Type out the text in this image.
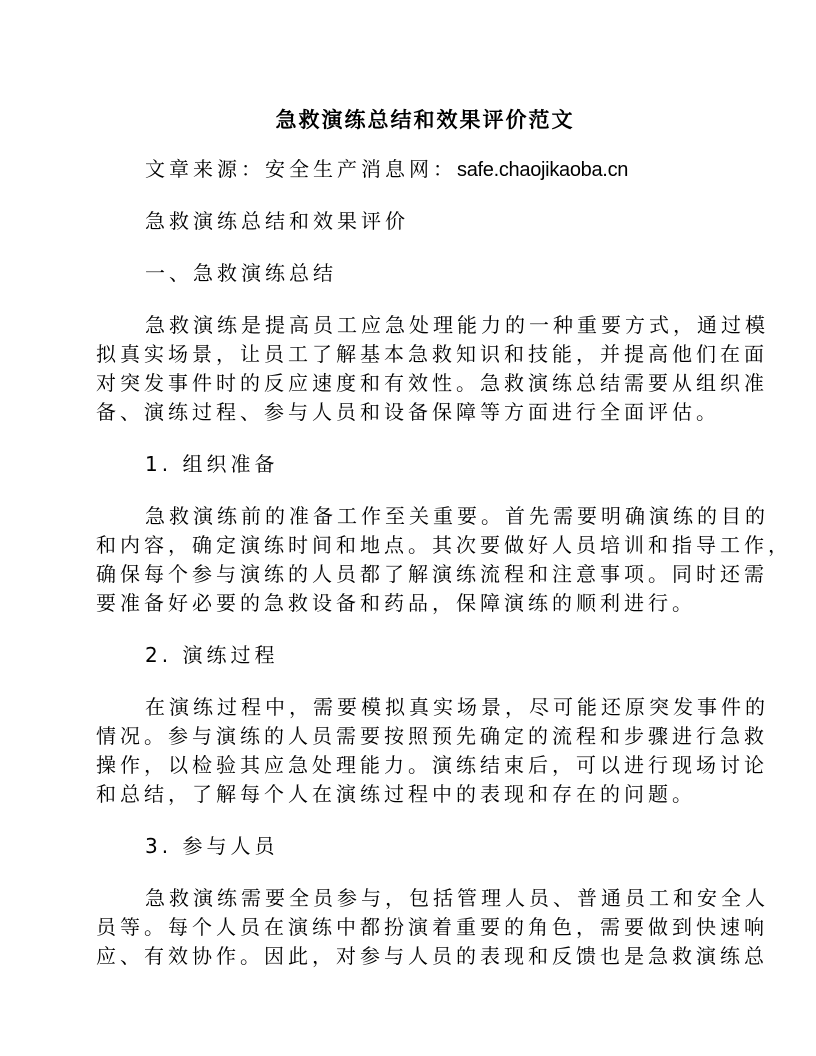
急救演练总结和效果评价范文
文章来源：安全生产消息网：safe.chaojikaoba.cn
急救演练总结和效果评价
一、急救演练总结
急救演练是提高员工应急处理能力的一种重要方式，通过模
拟真实场景，让员工了解基本急救知识和技能，并提高他们在面
对突发事件时的反应速度和有效性。急救演练总结需要从组织准
备、演练过程、参与人员和设备保障等方面进行全面评估。
1. 组织准备
急救演练前的准备工作至关重要。首先需要明确演练的目的
和内容，确定演练时间和地点。其次要做好人员培训和指导工作，
确保每个参与演练的人员都了解演练流程和注意事项。同时还需
要准备好必要的急救设备和药品，保障演练的顺利进行。
2. 演练过程
在演练过程中，需要模拟真实场景，尽可能还原突发事件的
情况。参与演练的人员需要按照预先确定的流程和步骤进行急救
操作，以检验其应急处理能力。演练结束后，可以进行现场讨论
和总结，了解每个人在演练过程中的表现和存在的问题。
3. 参与人员
急救演练需要全员参与，包括管理人员、普通员工和安全人
员等。每个人员在演练中都扮演着重要的角色，需要做到快速响
应、有效协作。因此，对参与人员的表现和反馈也是急救演练总
